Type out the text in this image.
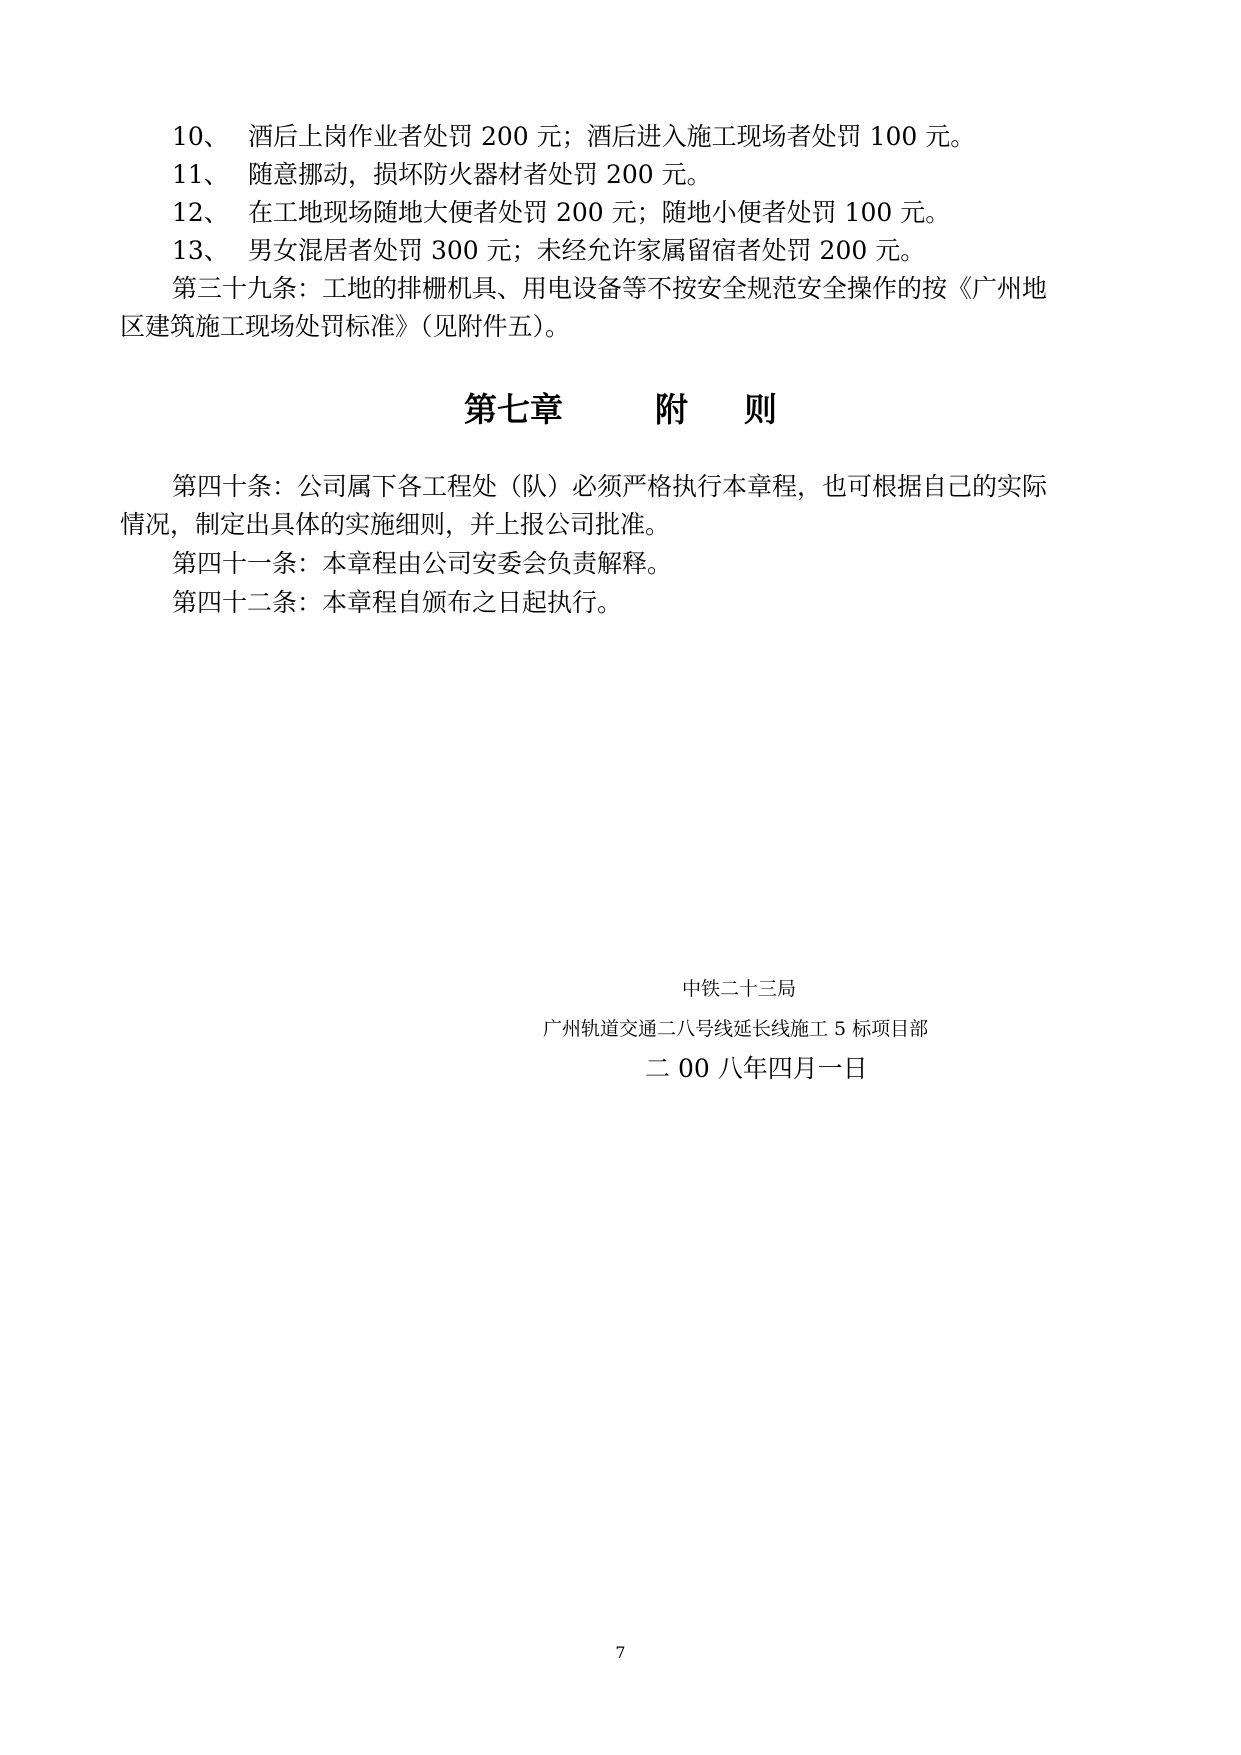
10、 酒后上岗作业者处罚 200 元；酒后进入施工现场者处罚 100 元。
11、 随意挪动，损坏防火器材者处罚 200 元。
12、 在工地现场随地大便者处罚 200 元；随地小便者处罚 100 元。
13、 男女混居者处罚 300 元；未经允许家属留宿者处罚 200 元。
第三十九条：工地的排栅机具、用电设备等不按安全规范安全操作的按《广州地
区建筑施工现场处罚标准》（见附件五）。
第七章	附 则
第四十条：公司属下各工程处（队）必须严格执行本章程，也可根据自己的实际
情况，制定出具体的实施细则，并上报公司批准。
第四十一条：本章程由公司安委会负责解释。
第四十二条：本章程自颁布之日起执行。
中铁二十三局
广州轨道交通二八号线延长线施工 5 标项目部
二 00 八年四月一日
7
